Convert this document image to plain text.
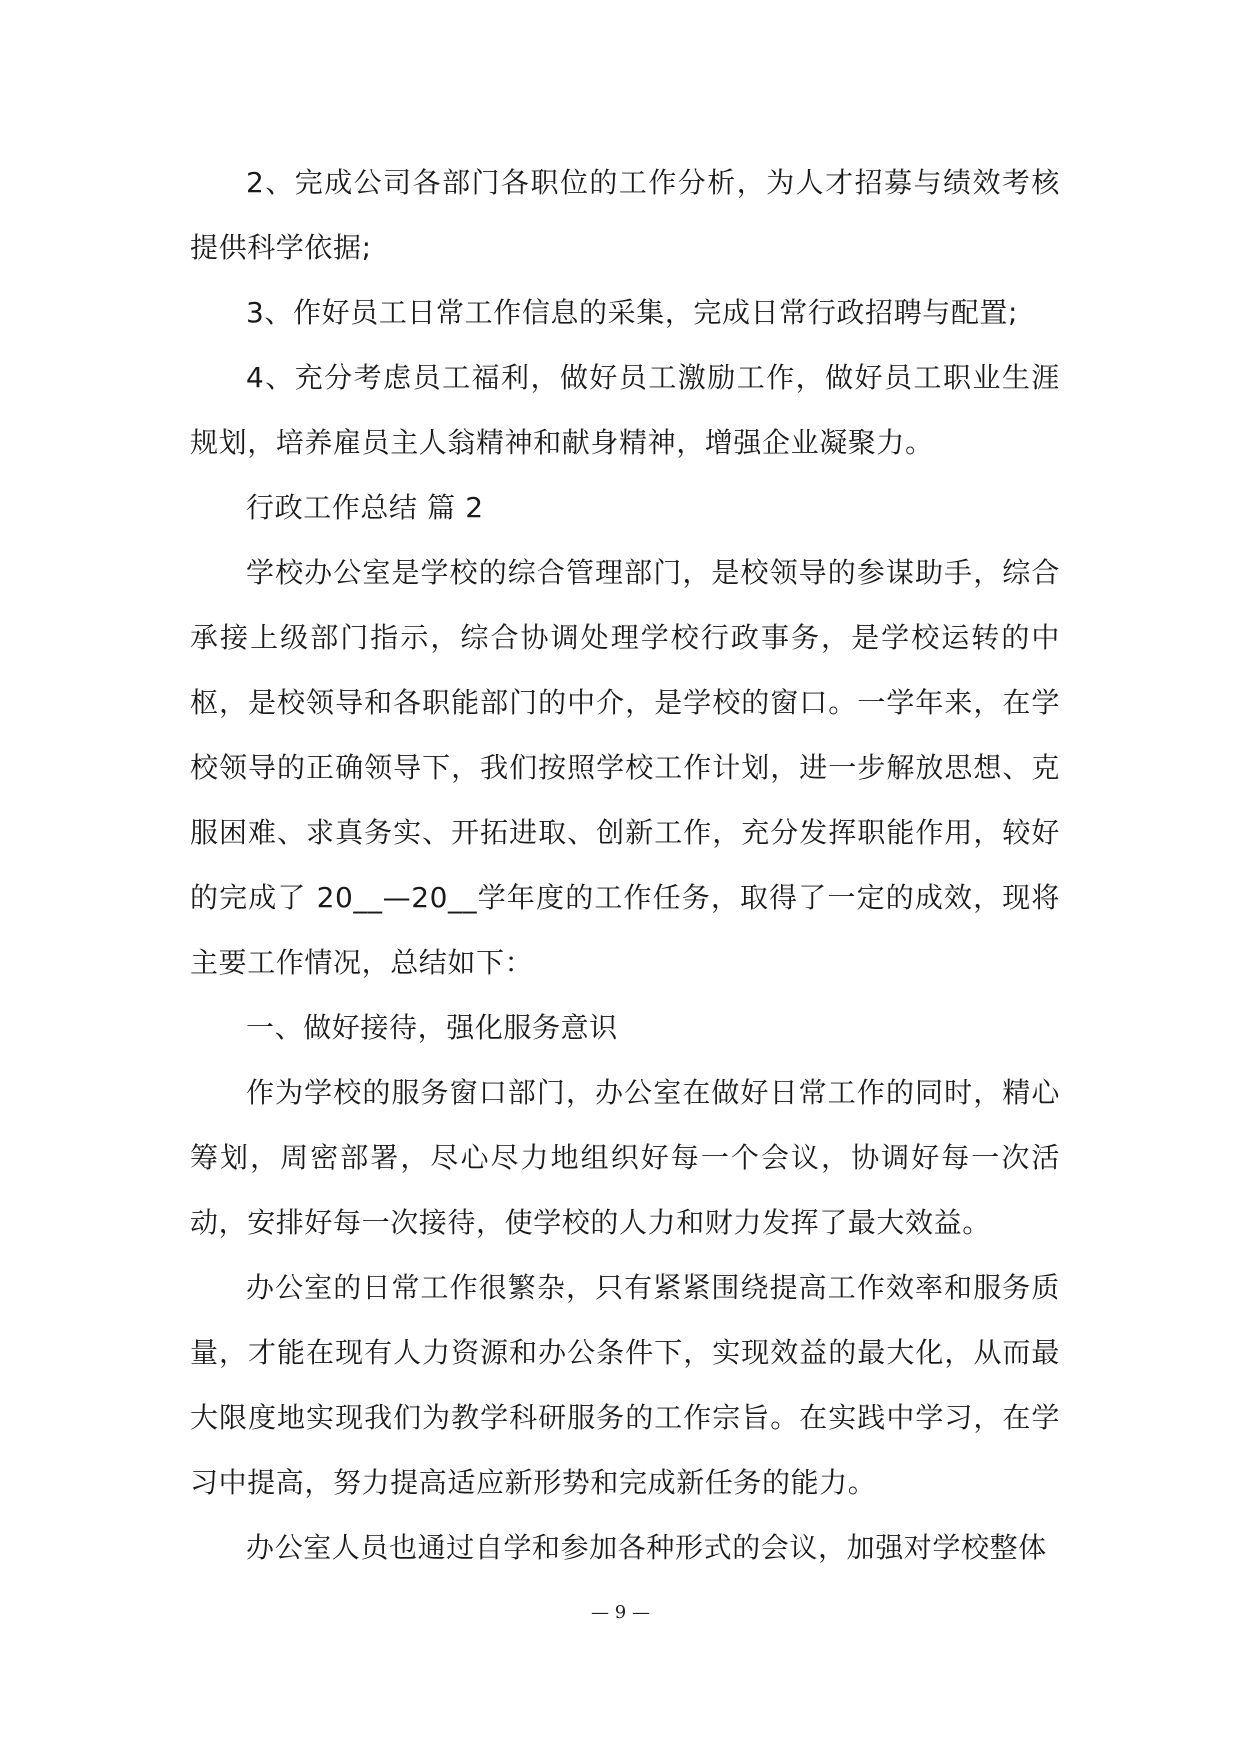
2、完成公司各部门各职位的工作分析，为人才招募与绩效考核提供科学依据;

3、作好员工日常工作信息的采集，完成日常行政招聘与配置;

4、充分考虑员工福利，做好员工激励工作，做好员工职业生涯规划，培养雇员主人翁精神和献身精神，增强企业凝聚力。

行政工作总结 篇 2

学校办公室是学校的综合管理部门，是校领导的参谋助手，综合承接上级部门指示，综合协调处理学校行政事务，是学校运转的中枢，是校领导和各职能部门的中介，是学校的窗口。一学年来，在学校领导的正确领导下，我们按照学校工作计划，进一步解放思想、克服困难、求真务实、开拓进取、创新工作，充分发挥职能作用，较好的完成了 20__—20__学年度的工作任务，取得了一定的成效，现将主要工作情况，总结如下：

一、做好接待，强化服务意识

作为学校的服务窗口部门，办公室在做好日常工作的同时，精心筹划，周密部署，尽心尽力地组织好每一个会议，协调好每一次活动，安排好每一次接待，使学校的人力和财力发挥了最大效益。

办公室的日常工作很繁杂，只有紧紧围绕提高工作效率和服务质量，才能在现有人力资源和办公条件下，实现效益的最大化，从而最大限度地实现我们为教学科研服务的工作宗旨。在实践中学习，在学习中提高，努力提高适应新形势和完成新任务的能力。

办公室人员也通过自学和参加各种形式的会议，加强对学校整体

— 9 —
